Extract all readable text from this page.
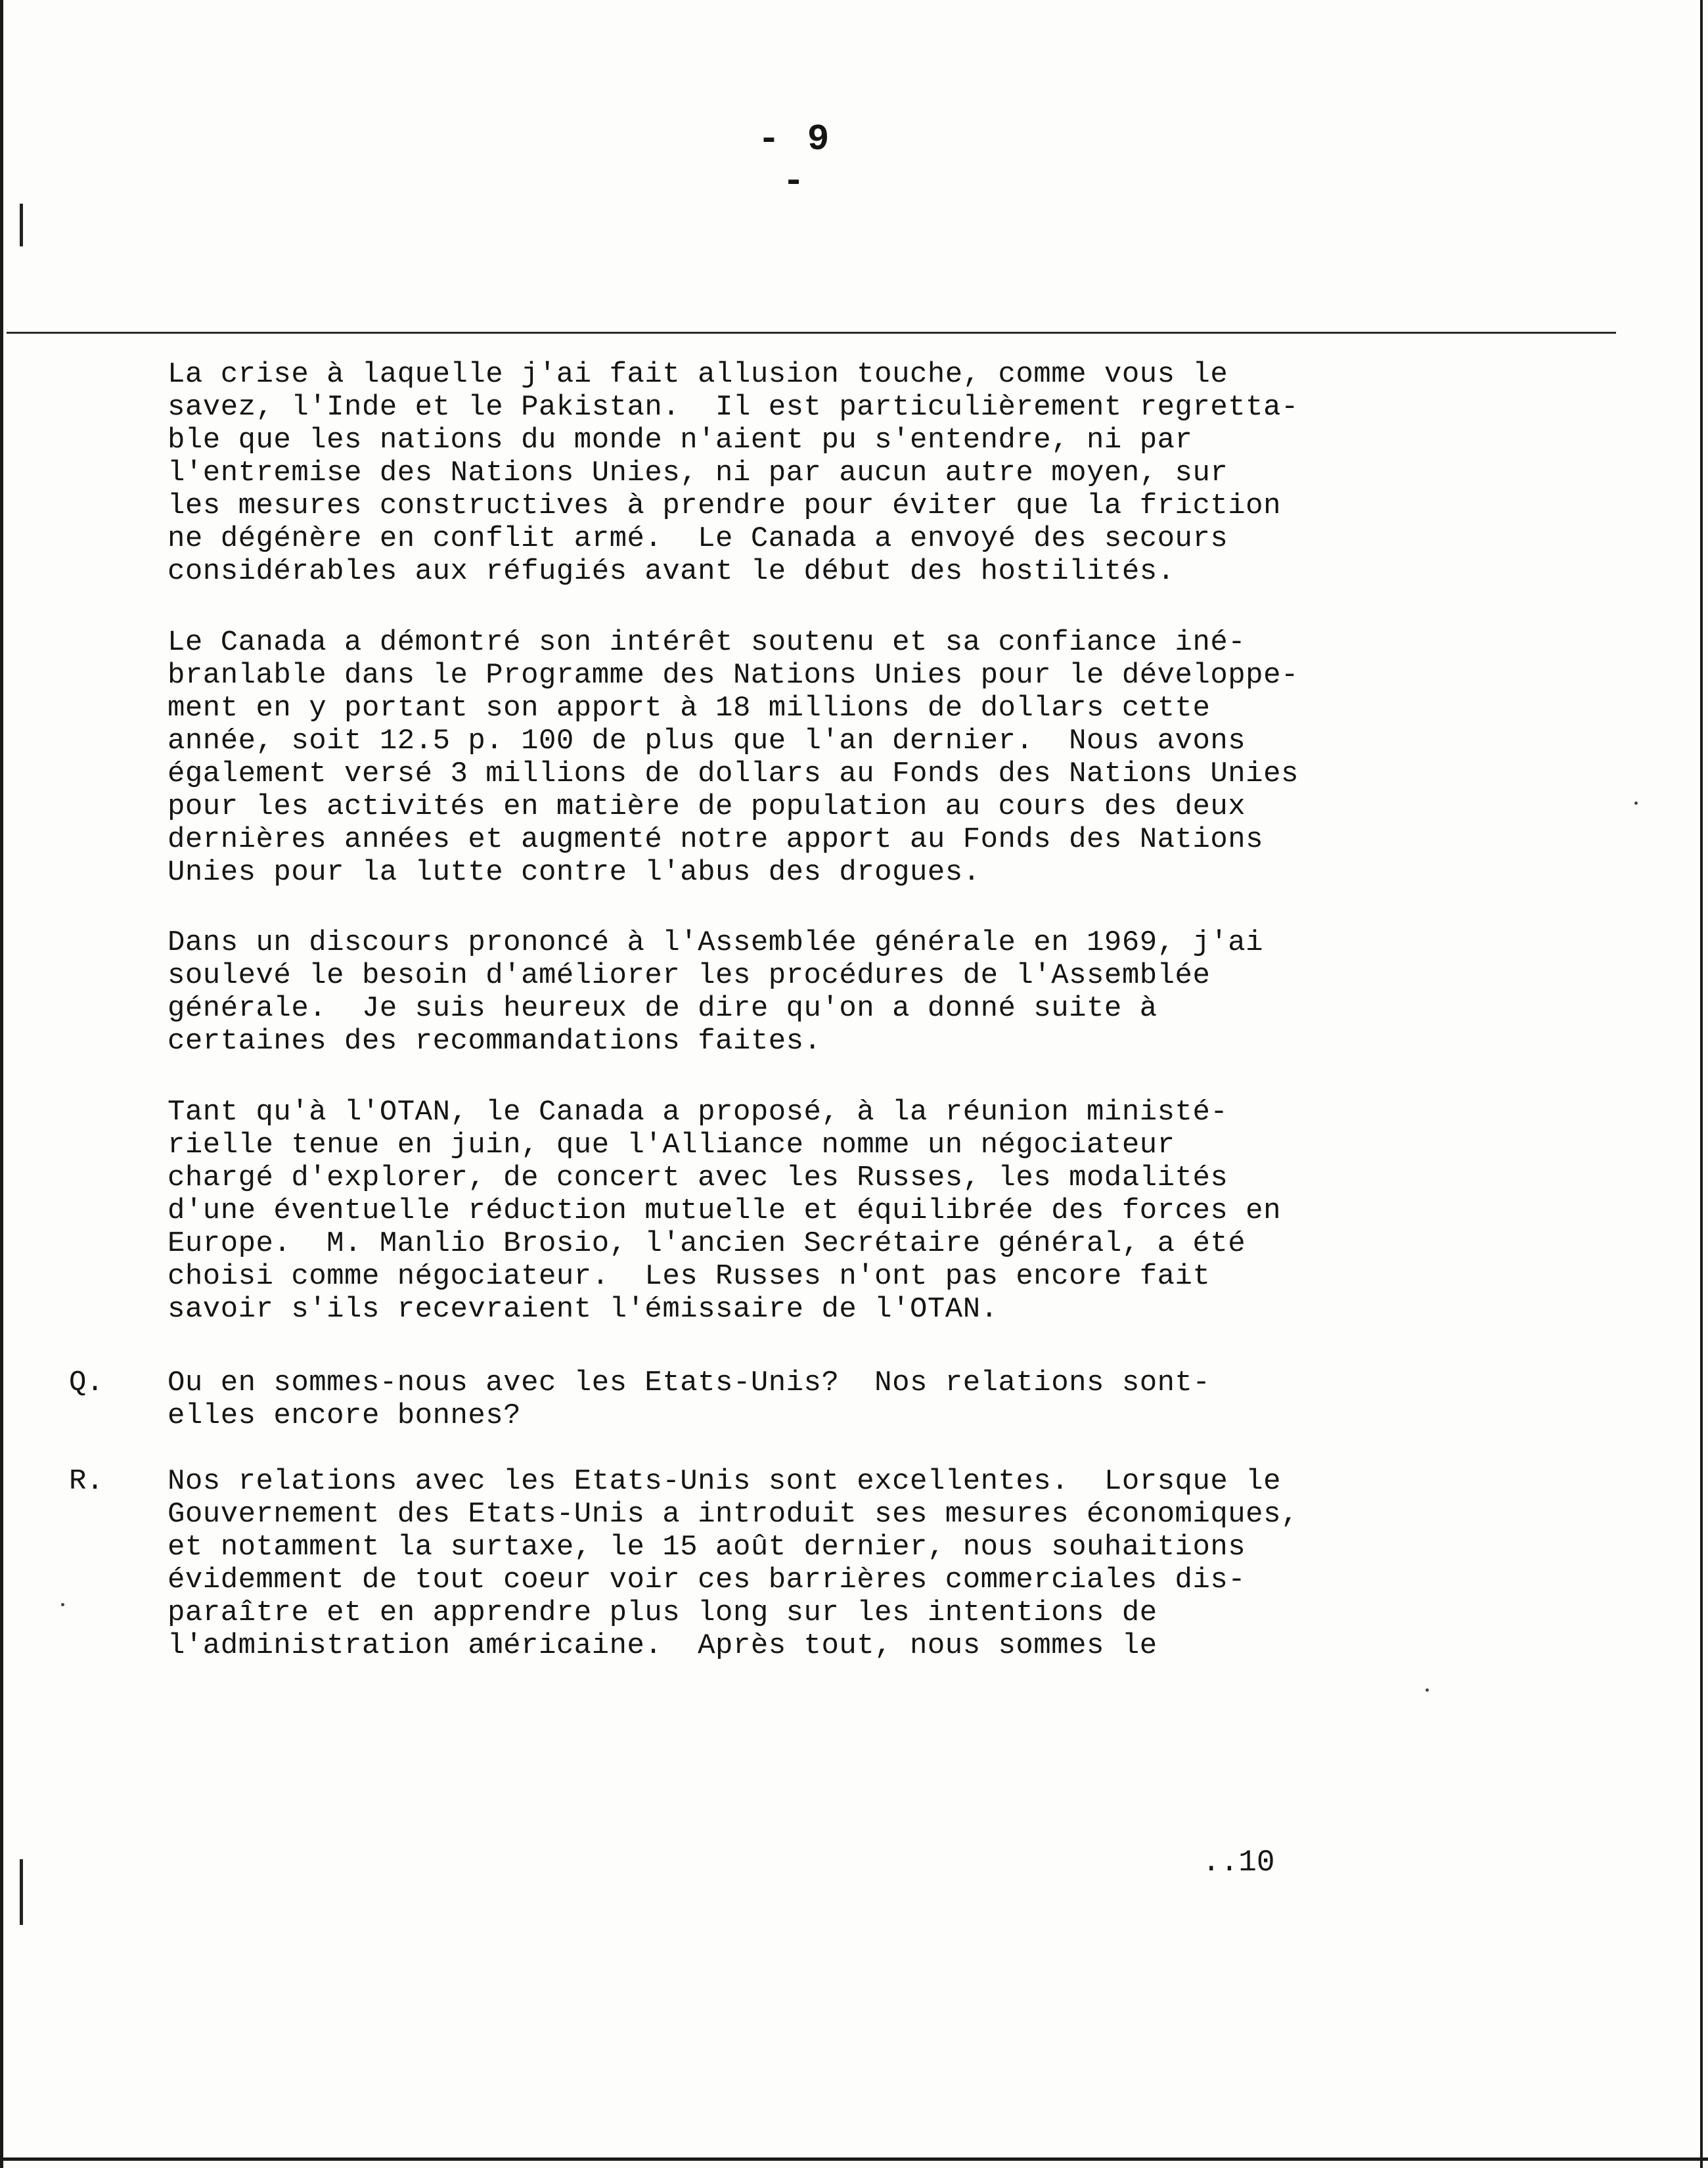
- 9 -

La crise à laquelle j'ai fait allusion touche, comme vous le
savez, l'Inde et le Pakistan.  Il est particulièrement regretta-
ble que les nations du monde n'aient pu s'entendre, ni par
l'entremise des Nations Unies, ni par aucun autre moyen, sur
les mesures constructives à prendre pour éviter que la friction
ne dégénère en conflit armé.  Le Canada a envoyé des secours
considérables aux réfugiés avant le début des hostilités.

Le Canada a démontré son intérêt soutenu et sa confiance iné-
branlable dans le Programme des Nations Unies pour le développe-
ment en y portant son apport à 18 millions de dollars cette
année, soit 12.5 p. 100 de plus que l'an dernier.  Nous avons
également versé 3 millions de dollars au Fonds des Nations Unies
pour les activités en matière de population au cours des deux
dernières années et augmenté notre apport au Fonds des Nations
Unies pour la lutte contre l'abus des drogues.

Dans un discours prononcé à l'Assemblée générale en 1969, j'ai
soulevé le besoin d'améliorer les procédures de l'Assemblée
générale.  Je suis heureux de dire qu'on a donné suite à
certaines des recommandations faites.

Tant qu'à l'OTAN, le Canada a proposé, à la réunion ministé-
rielle tenue en juin, que l'Alliance nomme un négociateur
chargé d'explorer, de concert avec les Russes, les modalités
d'une éventuelle réduction mutuelle et équilibrée des forces en
Europe.  M. Manlio Brosio, l'ancien Secrétaire général, a été
choisi comme négociateur.  Les Russes n'ont pas encore fait
savoir s'ils recevraient l'émissaire de l'OTAN.

Q. Ou en sommes-nous avec les Etats-Unis?  Nos relations sont-
elles encore bonnes?

R. Nos relations avec les Etats-Unis sont excellentes.  Lorsque le
Gouvernement des Etats-Unis a introduit ses mesures économiques,
et notamment la surtaxe, le 15 août dernier, nous souhaitions
évidemment de tout coeur voir ces barrières commerciales dis-
paraître et en apprendre plus long sur les intentions de
l'administration américaine.  Après tout, nous sommes le

..10
